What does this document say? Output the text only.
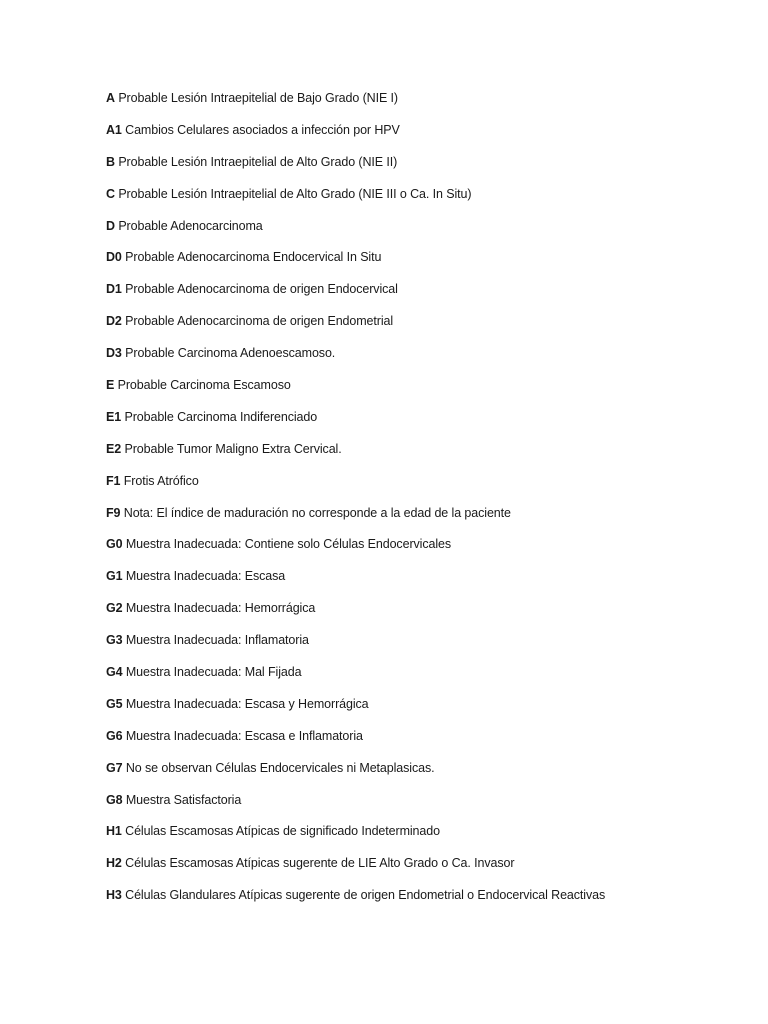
A Probable Lesión Intraepitelial de Bajo Grado (NIE I)
A1 Cambios Celulares asociados a infección por HPV
B Probable Lesión Intraepitelial de Alto Grado (NIE II)
C Probable Lesión Intraepitelial de Alto Grado (NIE III o Ca. In Situ)
D Probable Adenocarcinoma
D0 Probable Adenocarcinoma Endocervical In Situ
D1 Probable Adenocarcinoma de origen Endocervical
D2 Probable Adenocarcinoma de origen Endometrial
D3 Probable Carcinoma Adenoescamoso.
E Probable Carcinoma Escamoso
E1 Probable Carcinoma Indiferenciado
E2 Probable Tumor Maligno Extra Cervical.
F1 Frotis Atrófico
F9 Nota: El índice de maduración no corresponde a la edad de la paciente
G0 Muestra Inadecuada: Contiene solo Células Endocervicales
G1 Muestra Inadecuada: Escasa
G2 Muestra Inadecuada: Hemorrágica
G3 Muestra Inadecuada: Inflamatoria
G4 Muestra Inadecuada: Mal Fijada
G5 Muestra Inadecuada: Escasa y Hemorrágica
G6 Muestra Inadecuada: Escasa e Inflamatoria
G7 No se observan Células Endocervicales ni Metaplasicas.
G8 Muestra Satisfactoria
H1 Células Escamosas Atípicas de significado Indeterminado
H2 Células Escamosas Atípicas sugerente de LIE Alto Grado o Ca. Invasor
H3 Células Glandulares Atípicas sugerente de origen Endometrial o Endocervical Reactivas
